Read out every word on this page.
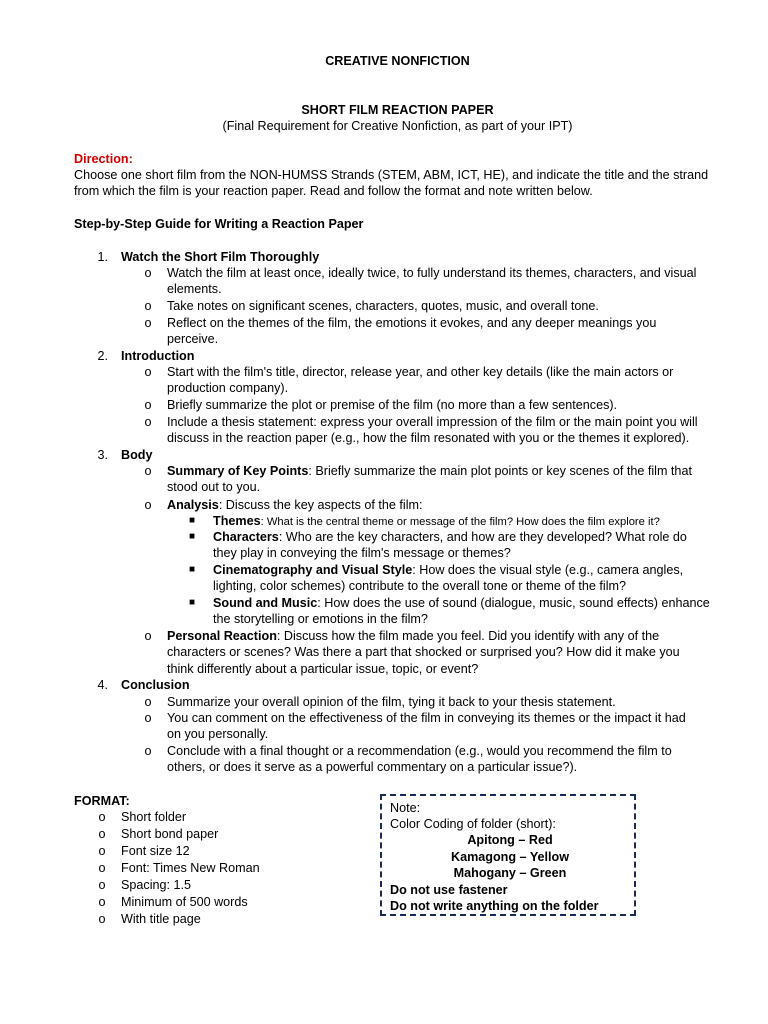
CREATIVE NONFICTION
SHORT FILM REACTION PAPER
(Final Requirement for Creative Nonfiction, as part of your IPT)
Direction:
Choose one short film from the NON-HUMSS Strands (STEM, ABM, ICT, HE), and indicate the title and the strand
from which the film is your reaction paper. Read and follow the format and note written below.
Step-by-Step Guide for Writing a Reaction Paper
1. Watch the Short Film Thoroughly
o Watch the film at least once, ideally twice, to fully understand its themes, characters, and visual
elements.
o Take notes on significant scenes, characters, quotes, music, and overall tone.
o Reflect on the themes of the film, the emotions it evokes, and any deeper meanings you
perceive.
2. Introduction
o Start with the film's title, director, release year, and other key details (like the main actors or
production company).
o Briefly summarize the plot or premise of the film (no more than a few sentences).
o Include a thesis statement: express your overall impression of the film or the main point you will
discuss in the reaction paper (e.g., how the film resonated with you or the themes it explored).
3. Body
o Summary of Key Points: Briefly summarize the main plot points or key scenes of the film that
stood out to you.
o Analysis: Discuss the key aspects of the film:
■ Themes: What is the central theme or message of the film? How does the film explore it?
■ Characters: Who are the key characters, and how are they developed? What role do
they play in conveying the film's message or themes?
■ Cinematography and Visual Style: How does the visual style (e.g., camera angles,
lighting, color schemes) contribute to the overall tone or theme of the film?
■ Sound and Music: How does the use of sound (dialogue, music, sound effects) enhance
the storytelling or emotions in the film?
o Personal Reaction: Discuss how the film made you feel. Did you identify with any of the
characters or scenes? Was there a part that shocked or surprised you? How did it make you
think differently about a particular issue, topic, or event?
4. Conclusion
o Summarize your overall opinion of the film, tying it back to your thesis statement.
o You can comment on the effectiveness of the film in conveying its themes or the impact it had
on you personally.
o Conclude with a final thought or a recommendation (e.g., would you recommend the film to
others, or does it serve as a powerful commentary on a particular issue?).
FORMAT:
o Short folder
o Short bond paper
o Font size 12
o Font: Times New Roman
o Spacing: 1.5
o Minimum of 500 words
o With title page
Note:
Color Coding of folder (short):
Apitong – Red
Kamagong – Yellow
Mahogany – Green
Do not use fastener
Do not write anything on the folder
